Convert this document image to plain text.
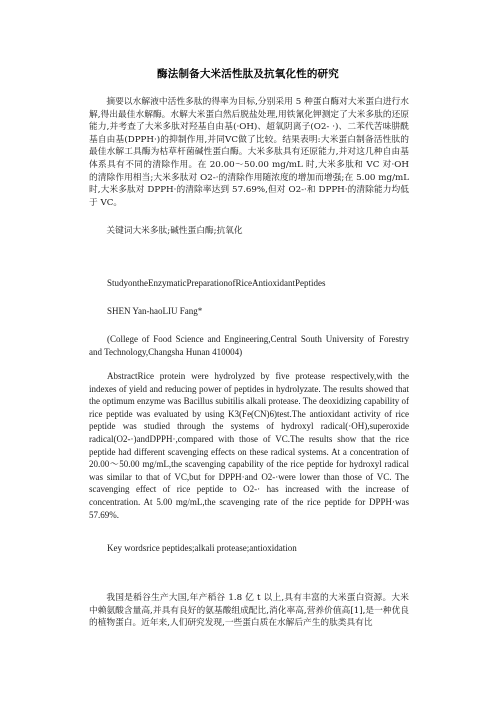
酶法制备大米活性肽及抗氧化性的研究

摘要以水解液中活性多肽的得率为目标,分别采用 5 种蛋白酶对大米蛋白进行水解,得出最佳水解酶。水解大米蛋白然后脱盐处理,用铁氰化钾测定了大米多肽的还原能力,并考查了大米多肽对羟基自由基(·OH)、超氧阴离子(O2- ·)、二苯代苦味肼酰基自由基(DPPH·)的抑制作用,并同VC做了比较。结果表明:大米蛋白制备活性肽的最佳水解工具酶为枯草杆菌碱性蛋白酶。大米多肽具有还原能力,并对这几种自由基体系具有不同的清除作用。在 20.00～50.00 mg/mL 时,大米多肽和 VC 对·OH 的清除作用相当;大米多肽对 O2-·的清除作用随浓度的增加而增强;在 5.00 mg/mL 时,大米多肽对 DPPH·的清除率达到 57.69%,但对 O2-·和 DPPH·的清除能力均低于 VC。

关键词大米多肽;碱性蛋白酶;抗氧化

StudyontheEnzymaticPreparationofRiceAntioxidantPeptides

SHEN Yan-haoLIU Fang*

(College of Food Science and Engineering,Central South University of Forestry and Technology,Changsha Hunan 410004)

AbstractRice protein were hydrolyzed by five protease respectively,with the indexes of yield and reducing power of peptides in hydrolyzate. The results showed that the optimum enzyme was Bacillus subitilis alkali protease. The deoxidizing capability of rice peptide was evaluated by using K3(Fe(CN)6)test.The antioxidant activity of rice peptide was studied through the systems of hydroxyl radical(·OH),superoxide radical(O2-·)andDPPH·,compared with those of VC.The results show that the rice peptide had different scavenging effects on these radical systems. At a concentration of 20.00～50.00 mg/mL,the scavenging capability of the rice peptide for hydroxyl radical was similar to that of VC,but for DPPH·and O2-·were lower than those of VC. The scavenging effect of rice peptide to O2-· has increased with the increase of concentration. At 5.00 mg/mL,the scavenging rate of the rice peptide for DPPH·was 57.69%.

Key wordsrice peptides;alkali protease;antioxidation

我国是稻谷生产大国,年产稻谷 1.8 亿 t 以上,具有丰富的大米蛋白资源。大米中赖氨酸含量高,并具有良好的氨基酸组成配比,消化率高,营养价值高[1],是一种优良的植物蛋白。近年来,人们研究发现,一些蛋白质在水解后产生的肽类具有比
